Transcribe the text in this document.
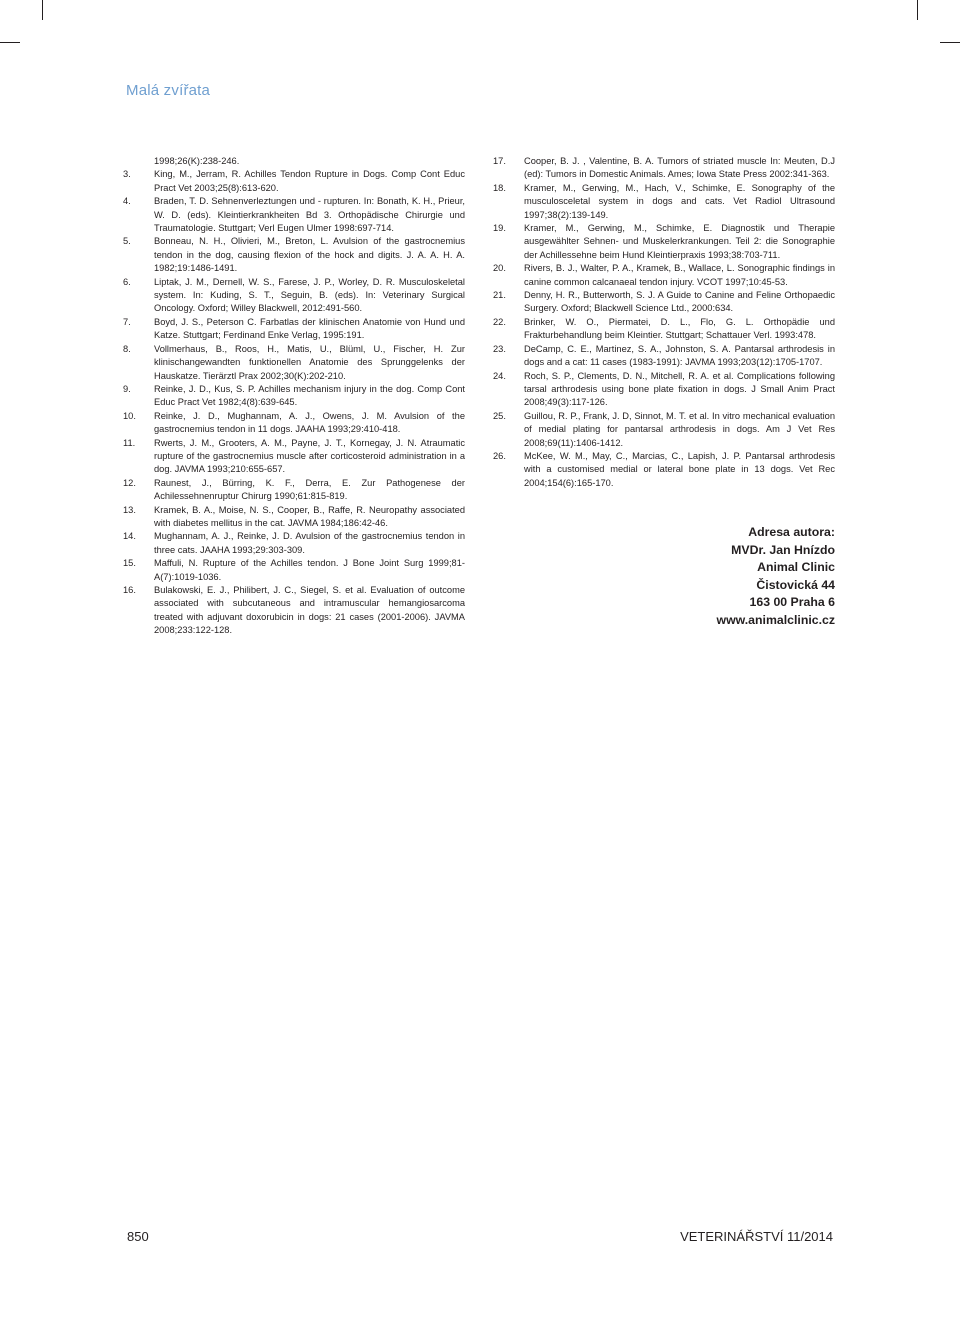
Malá zvířata
1998;26(K):238-246.
3.	King, M., Jerram, R. Achilles Tendon Rupture in Dogs. Comp Cont Educ Pract Vet 2003;25(8):613-620.
4.	Braden, T. D. Sehnenverleztungen und - rupturen. In: Bonath, K. H., Prieur, W. D. (eds). Kleintierkrankheiten Bd 3. Orthopädische Chirurgie und Traumatologie. Stuttgart; Verl Eugen Ulmer 1998:697-714.
5.	Bonneau, N. H., Olivieri, M., Breton, L. Avulsion of the gastrocnemius tendon in the dog, causing flexion of the hock and digits. J. A. A. H. A. 1982;19:1486-1491.
6.	Liptak, J. M., Dernell, W. S., Farese, J. P., Worley, D. R. Musculoskeletal system. In: Kuding, S. T., Seguin, B. (eds). In: Veterinary Surgical Oncology. Oxford; Willey Blackwell, 2012:491-560.
7.	Boyd, J. S., Peterson C. Farbatlas der klinischen Anatomie von Hund und Katze. Stuttgart; Ferdinand Enke Verlag, 1995:191.
8.	Vollmerhaus, B., Roos, H., Matis, U., Blüml, U., Fischer, H. Zur klinischangewandten funktionellen Anatomie des Sprunggelenks der Hauskatze. Tierärztl Prax 2002;30(K):202-210.
9.	Reinke, J. D., Kus, S. P. Achilles mechanism injury in the dog. Comp Cont Educ Pract Vet 1982;4(8):639-645.
10.	Reinke, J. D., Mughannam, A. J., Owens, J. M. Avulsion of the gastrocnemius tendon in 11 dogs. JAAHA 1993;29:410-418.
11.	Rwerts, J. M., Grooters, A. M., Payne, J. T., Kornegay, J. N. Atraumatic rupture of the gastrocnemius muscle after corticosteroid administration in a dog. JAVMA 1993;210:655-657.
12.	Raunest, J., Bürring, K. F., Derra, E. Zur Pathogenese der Achilessehnenruptur Chirurg 1990;61:815-819.
13.	Kramek, B. A., Moise, N. S., Cooper, B., Raffe, R. Neuropathy associated with diabetes mellitus in the cat. JAVMA 1984;186:42-46.
14.	Mughannam, A. J., Reinke, J. D. Avulsion of the gastrocnemius tendon in three cats. JAAHA 1993;29:303-309.
15.	Maffuli, N. Rupture of the Achilles tendon. J Bone Joint Surg 1999;81-A(7):1019-1036.
16.	Bulakowski, E. J., Philibert, J. C., Siegel, S. et al. Evaluation of outcome associated with subcutaneous and intramuscular hemangiosarcoma treated with adjuvant doxorubicin in dogs: 21 cases (2001-2006). JAVMA 2008;233:122-128.
17.	Cooper, B. J. , Valentine, B. A. Tumors of striated muscle In: Meuten, D.J (ed): Tumors in Domestic Animals. Ames; Iowa State Press 2002:341-363.
18.	Kramer, M., Gerwing, M., Hach, V., Schimke, E. Sonography of the musculosceletal system in dogs and cats. Vet Radiol Ultrasound 1997;38(2):139-149.
19.	Kramer, M., Gerwing, M., Schimke, E. Diagnostik und Therapie ausgewählter Sehnen- und Muskelerkrankungen. Teil 2: die Sonographie der Achillessehne beim Hund Kleintierpraxis 1993;38:703-711.
20.	Rivers, B. J., Walter, P. A., Kramek, B., Wallace, L. Sonographic findings in canine common calcanaeal tendon injury. VCOT 1997;10:45-53.
21.	Denny, H. R., Butterworth, S. J. A Guide to Canine and Feline Orthopaedic Surgery. Oxford; Blackwell Science Ltd., 2000:634.
22.	Brinker, W. O., Piermatei, D. L., Flo, G. L. Orthopädie und Frakturbehandlung beim Kleintier. Stuttgart; Schattauer Verl. 1993:478.
23.	DeCamp, C. E., Martinez, S. A., Johnston, S. A. Pantarsal arthrodesis in dogs and a cat: 11 cases (1983-1991): JAVMA 1993;203(12):1705-1707.
24.	Roch, S. P., Clements, D. N., Mitchell, R. A. et al. Complications following tarsal arthrodesis using bone plate fixation in dogs. J Small Anim Pract 2008;49(3):117-126.
25.	Guillou, R. P., Frank, J. D, Sinnot, M. T. et al. In vitro mechanical evaluation of medial plating for pantarsal arthrodesis in dogs. Am J Vet Res 2008;69(11):1406-1412.
26.	McKee, W. M., May, C., Marcias, C., Lapish, J. P. Pantarsal arthrodesis with a customised medial or lateral bone plate in 13 dogs. Vet Rec 2004;154(6):165-170.
Adresa autora:
MVDr. Jan Hnízdo
Animal Clinic
Čistovická 44
163 00 Praha 6
www.animalclinic.cz
850	VETERINÁŘSTVÍ 11/2014
